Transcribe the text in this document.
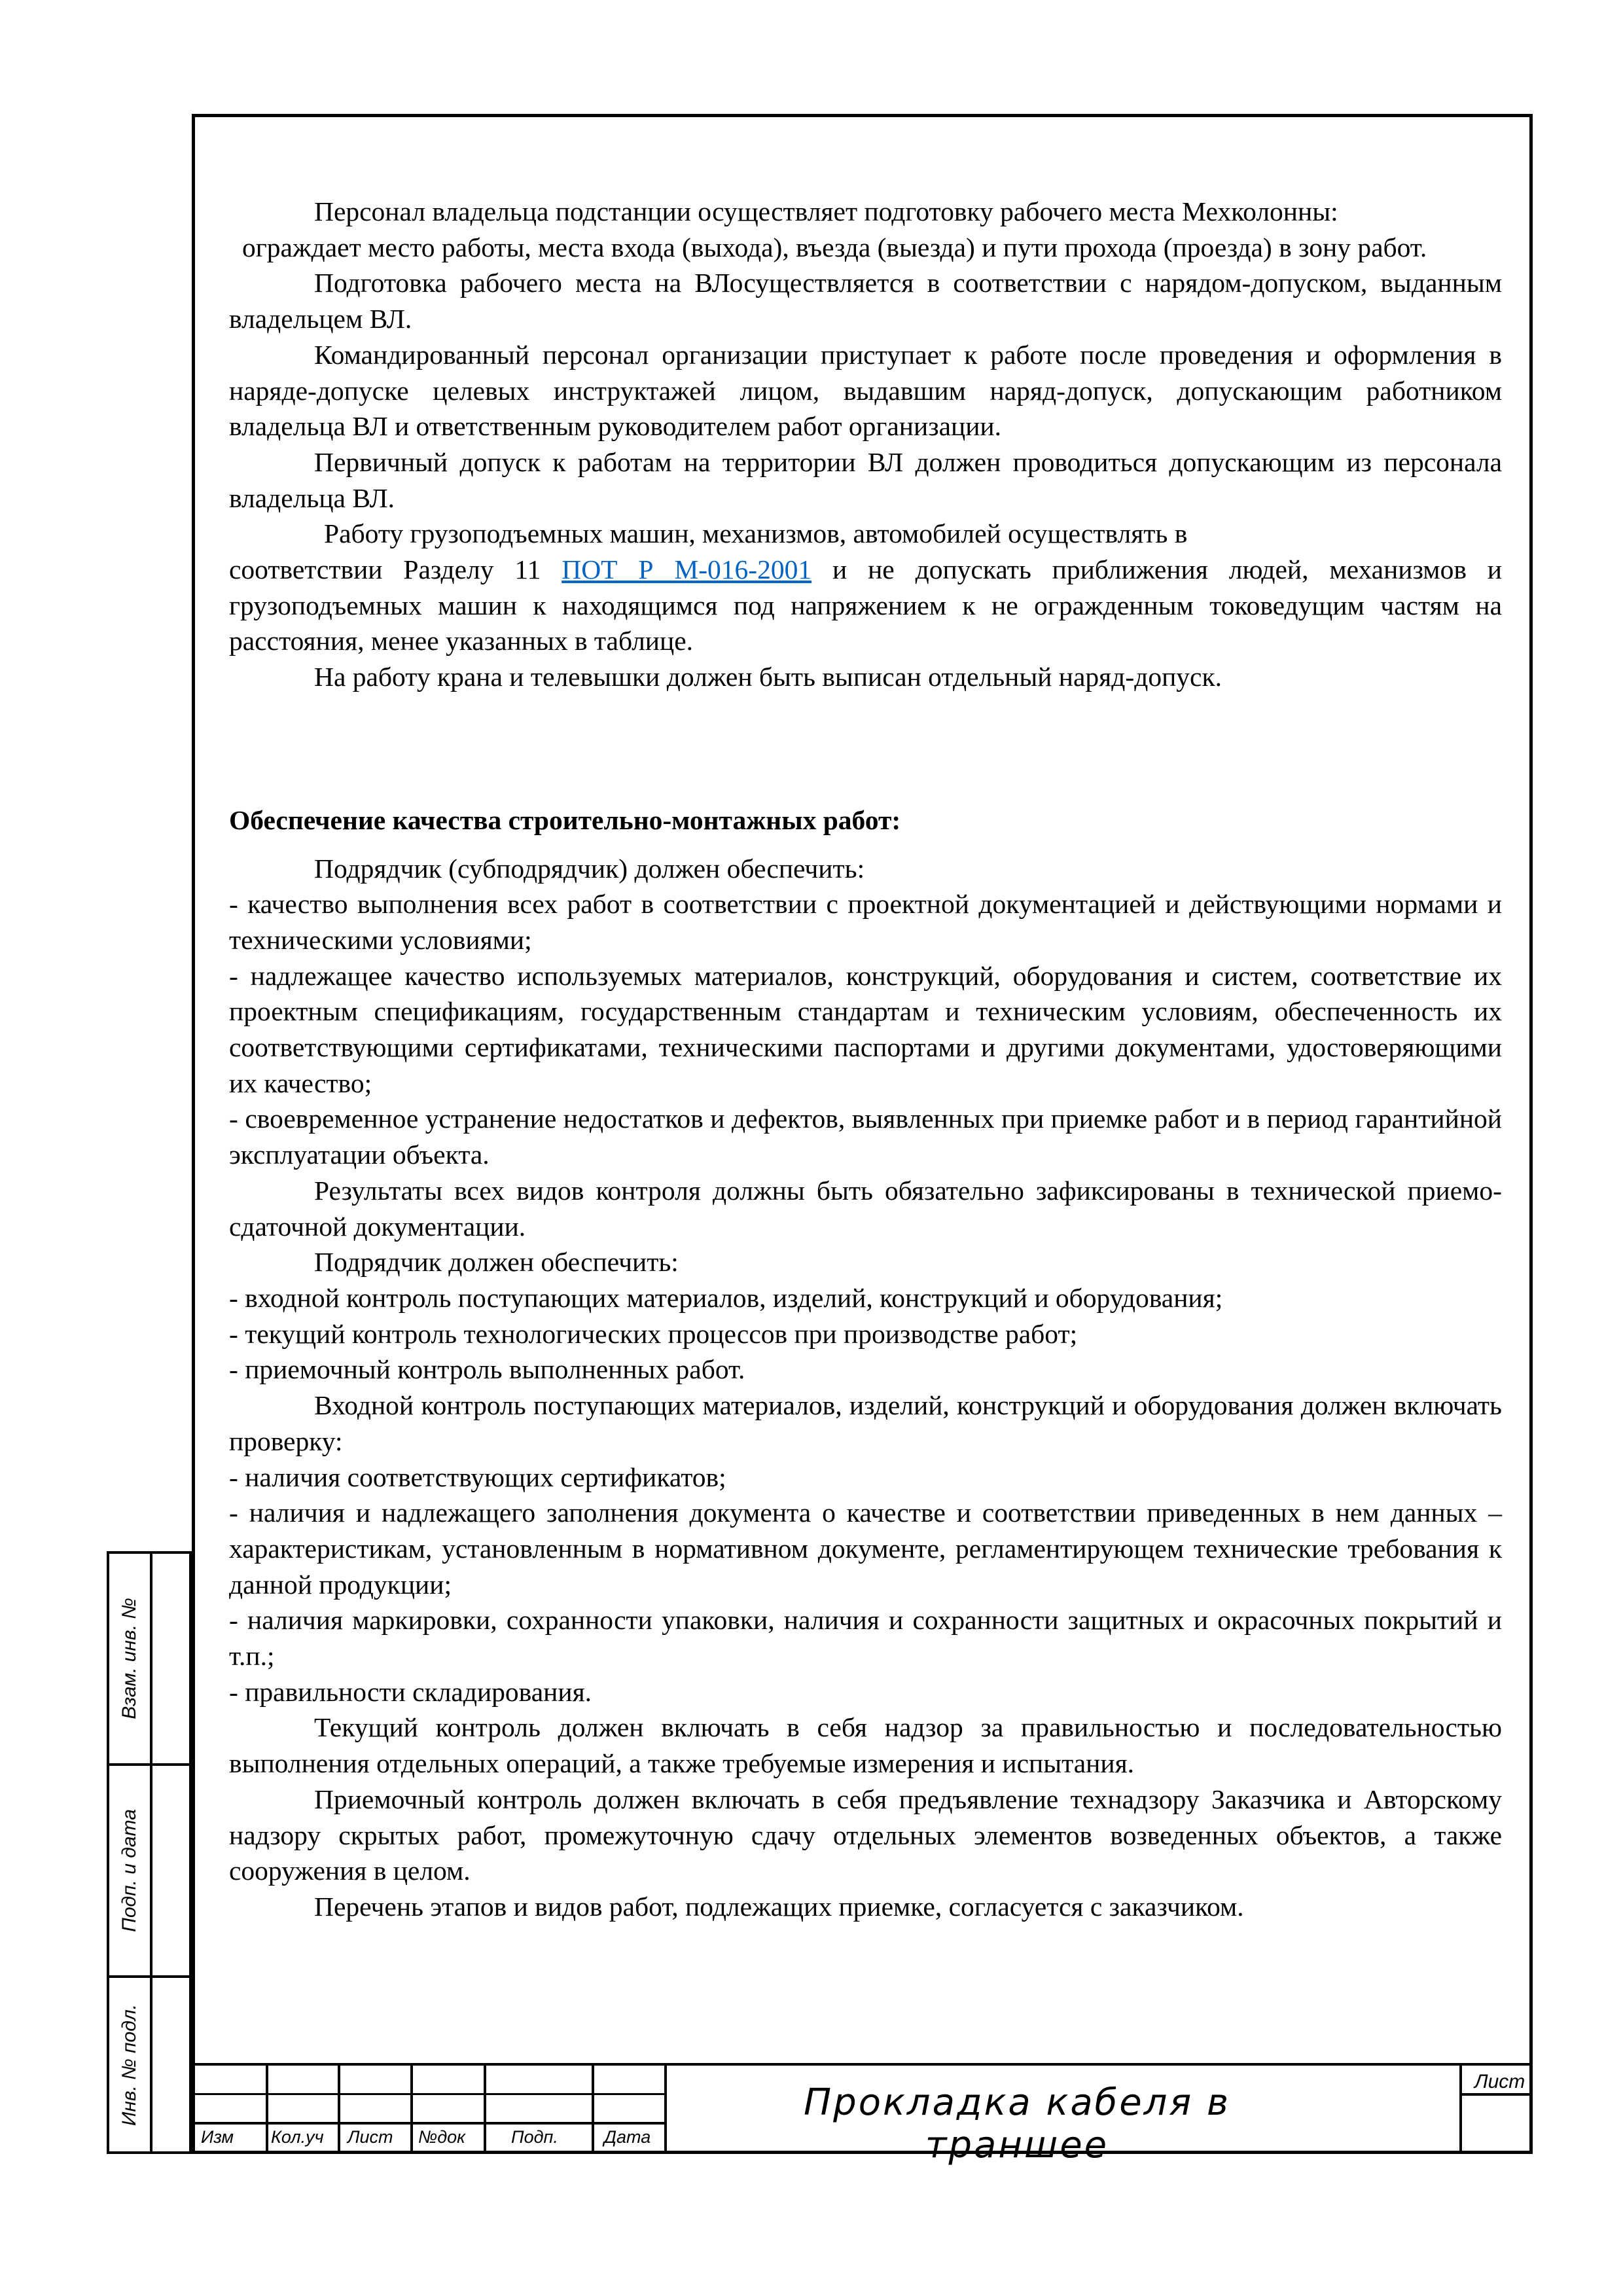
Персонал владельца подстанции осуществляет подготовку рабочего места Мехколонны:

ограждает место работы, места входа (выхода), въезда (выезда) и пути прохода (проезда) в зону работ.

Подготовка рабочего места на ВЛосуществляется в соответствии с нарядом-допуском, выданным владельцем ВЛ.

Командированный персонал организации приступает к работе после проведения и оформления в наряде-допуске целевых инструктажей лицом, выдавшим наряд-допуск, допускающим работником владельца ВЛ и ответственным руководителем работ организации.

Первичный допуск к работам на территории ВЛ должен проводиться допускающим из персонала владельца ВЛ.

Работу грузоподъемных машин, механизмов, автомобилей осуществлять в

соответствии Разделу 11 ПОТ Р М-016-2001 и не допускать приближения людей, механизмов и грузоподъемных машин к находящимся под напряжением к не огражденным токоведущим частям на расстояния, менее указанных в таблице.

На работу крана и телевышки должен быть выписан отдельный наряд-допуск.

Обеспечение качества строительно-монтажных работ:

Подрядчик (субподрядчик) должен обеспечить:

- качество выполнения всех работ в соответствии с проектной документацией и действующими нормами и техническими условиями;

- надлежащее качество используемых материалов, конструкций, оборудования и систем, соответствие их проектным спецификациям, государственным стандартам и техническим условиям, обеспеченность их соответствующими сертификатами, техническими паспортами и другими документами, удостоверяющими их качество;

- своевременное устранение недостатков и дефектов, выявленных при приемке работ и в период гарантийной эксплуатации объекта.

Результаты всех видов контроля должны быть обязательно зафиксированы в технической приемо-сдаточной документации.

Подрядчик должен обеспечить:

- входной контроль поступающих материалов, изделий, конструкций и оборудования;

- текущий контроль технологических процессов при производстве работ;

- приемочный контроль выполненных работ.

Входной контроль поступающих материалов, изделий, конструкций и оборудования должен включать проверку:

- наличия соответствующих сертификатов;

- наличия и надлежащего заполнения документа о качестве и соответствии приведенных в нем данных – характеристикам, установленным в нормативном документе, регламентирующем технические требования к данной продукции;

- наличия маркировки, сохранности упаковки, наличия и сохранности защитных и окрасочных покрытий и т.п.;

- правильности складирования.

Текущий контроль должен включать в себя надзор за правильностью и последовательностью выполнения отдельных операций, а также требуемые измерения и испытания.

Приемочный контроль должен включать в себя предъявление технадзору Заказчика и Авторскому надзору скрытых работ, промежуточную сдачу отдельных элементов возведенных объектов, а также сооружения в целом.

Перечень этапов и видов работ, подлежащих приемке, согласуется с заказчиком.

Взам. инв. №
Подп. и дата
Инв. № подл.
Изм Кол.уч Лист №док	Подп.	Дата
Прокладка кабеля в траншее
Лист
